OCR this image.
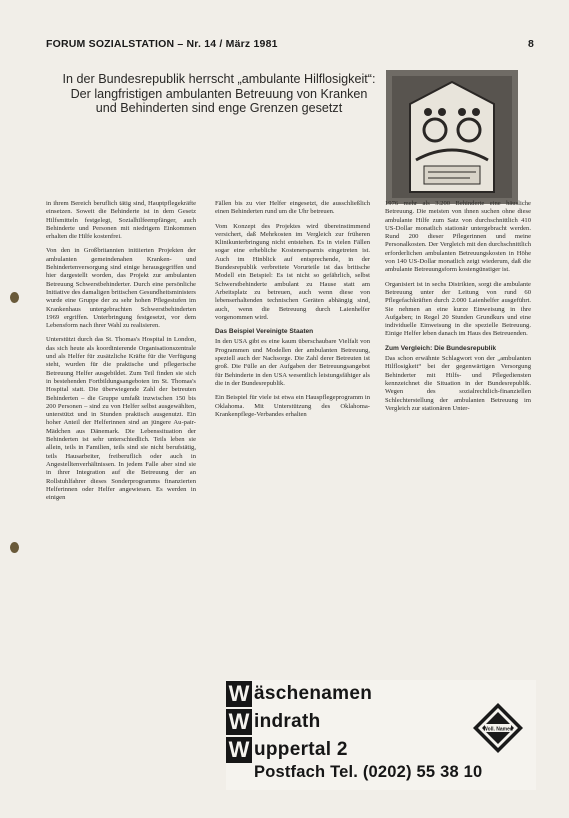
FORUM SOZIALSTATION – Nr. 14 / März 1981	8
In der Bundesrepublik herrscht „ambulante Hilflosigkeit“: Der langfristigen ambulanten Betreuung von Kranken und Behinderten sind enge Grenzen gesetzt

in ihrem Bereich beruflich tätig sind, Hauptpflegekräfte einsetzen. Soweit die Behinderte ist in dem Gesetz Hilfsmitteln festgelegt, Sozialhilfeempfänger, auch Behinderte und Personen mit niedrigem Einkommen erhalten die Hilfe kostenfrei.

Von den in Großbritannien initiierten Projekten der ambulanten gemeindenahen Kranken- und Behindertenversorgung sind einige herausgegriffen und hier dargestellt worden, das Projekt zur ambulanten Betreuung Schwerstbehinderter. Durch eine persönliche Initiative des damaligen britischen Gesundheitsministers wurde eine Gruppe der zu sehr hohen Pflegestufen im Krankenhaus untergebrachten Schwerstbehinderten 1969 ergriffen. Unterbringung festgesetzt, vor dem Lebensform nach ihrer Wahl zu realisieren.

Unterstützt durch das St. Thomas's Hospital in London, das sich heute als koordinierende Organisationszentrale und als Helfer für zusätzliche Kräfte für die Verfügung steht, wurden für die praktische und pflegerische Betreuung Helfer ausgebildet. Zum Teil finden sie sich in bestehenden Fortbildungsangeboten im St. Thomas's Hospital statt. Die überwiegende Zahl der betreuten Behinderten – die Gruppe umfaßt inzwischen 150 bis 200 Personen – sind zu von Helfer selbst ausgewählten, unterstützt und in Stunden praktisch ausgenutzt. Ein hoher Anteil der Helferinnen sind an jüngere Au-pair-Mädchen aus Dänemark. Die Lebenssituation der Behinderten ist sehr unterschiedlich. Teils leben sie allein, teils in Familien, teils sind sie nicht berufstätig, teils Hausarbeiter, freiberuflich oder auch in Angestelltenverhältnissen. In jedem Falle aber sind sie in ihrer Integration auf die Betreuung der an Rollstuhlfahrer dieses Sonderprogramms finanzierten Helferinnen oder Helfer angewiesen. Es werden in einigen

Fällen bis zu vier Helfer eingesetzt, die ausschließlich einen Behinderten rund um die Uhr betreuen.

Vom Konzept des Projektes wird übereinstimmend versichert, daß Mehrkosten im Vergleich zur früheren Klinikunterbringung nicht entstehen. Es in vielen Fällen sogar eine erhebliche Kostenersparnis eingetreten ist. Auch im Hinblick auf entsprechende, in der Bundesrepublik verbreitete Vorurteile ist das britische Modell ein Beispiel: Es ist nicht so gefährlich, selbst Schwerstbehinderte ambulant zu Hause statt am Arbeitsplatz zu betreuen, auch wenn diese von lebenserhaltenden technischen Geräten abhängig sind, auch, wenn die Betreuung durch Laienhelfer vorgenommen wird.

Das Beispiel Vereinigte Staaten

In den USA gibt es eine kaum überschaubare Vielfalt von Programmen und Modellen der ambulanten Betreuung, speziell auch der Nachsorge. Die Zahl derer Betreuten ist groß. Die Fülle an der Aufgaben der Betreuungsangebot für Behinderte in den USA wesentlich leistungsfähiger als die in der Bundesrepublik.

Ein Beispiel für viele ist etwa ein Hauspflegeprogramm in Oklahoma. Mit Unterstützung des Oklahoma-Krankenpflege-Verbandes erhalten

1976 mehr als 3.200 Behinderte eine häusliche Betreuung. Die meisten von ihnen suchen ohne diese ambulante Hilfe zum Satz von durchschnittlich 410 US-Dollar monatlich stationär untergebracht werden. Rund 200 dieser Pflegerinnen und meine Personalkosten. Der Vergleich mit den durchschnittlich erforderlichen ambulanten Betreuungskosten in Höhe von 140 US-Dollar monatlich zeigt wiederum, daß die ambulante Betreuungsform kostengünstiger ist.

Organisiert ist in sechs Distrikten, sorgt die ambulante Betreuung unter der Leitung von rund 60 Pflegefachkräften durch 2.000 Laienhelfer ausgeführt. Sie nehmen an eine kurze Einweisung in ihre Aufgaben; in Regel 20 Stunden Grundkurs und eine individuelle Einweisung in die spezielle Betreuung. Einige Helfer leben danach im Haus des Betreuenden.

Zum Vergleich: Die Bundesrepublik

Das schon erwähnte Schlagwort von der „ambulanten Hilflosigkeit“ bei der gegenwärtigen Versorgung Behinderter mit Hilfs- und Pflegediensten kennzeichnet die Situation in der Bundesrepublik. Wegen des sozialrechtlich-finanziellen Schlechterstellung der ambulanten Betreuung im Vergleich zur stationären Unter-

W äschenamen
W indrath
W uppertal 2
Postfach Tel. (0202) 55 38 10
Woll. Namen
